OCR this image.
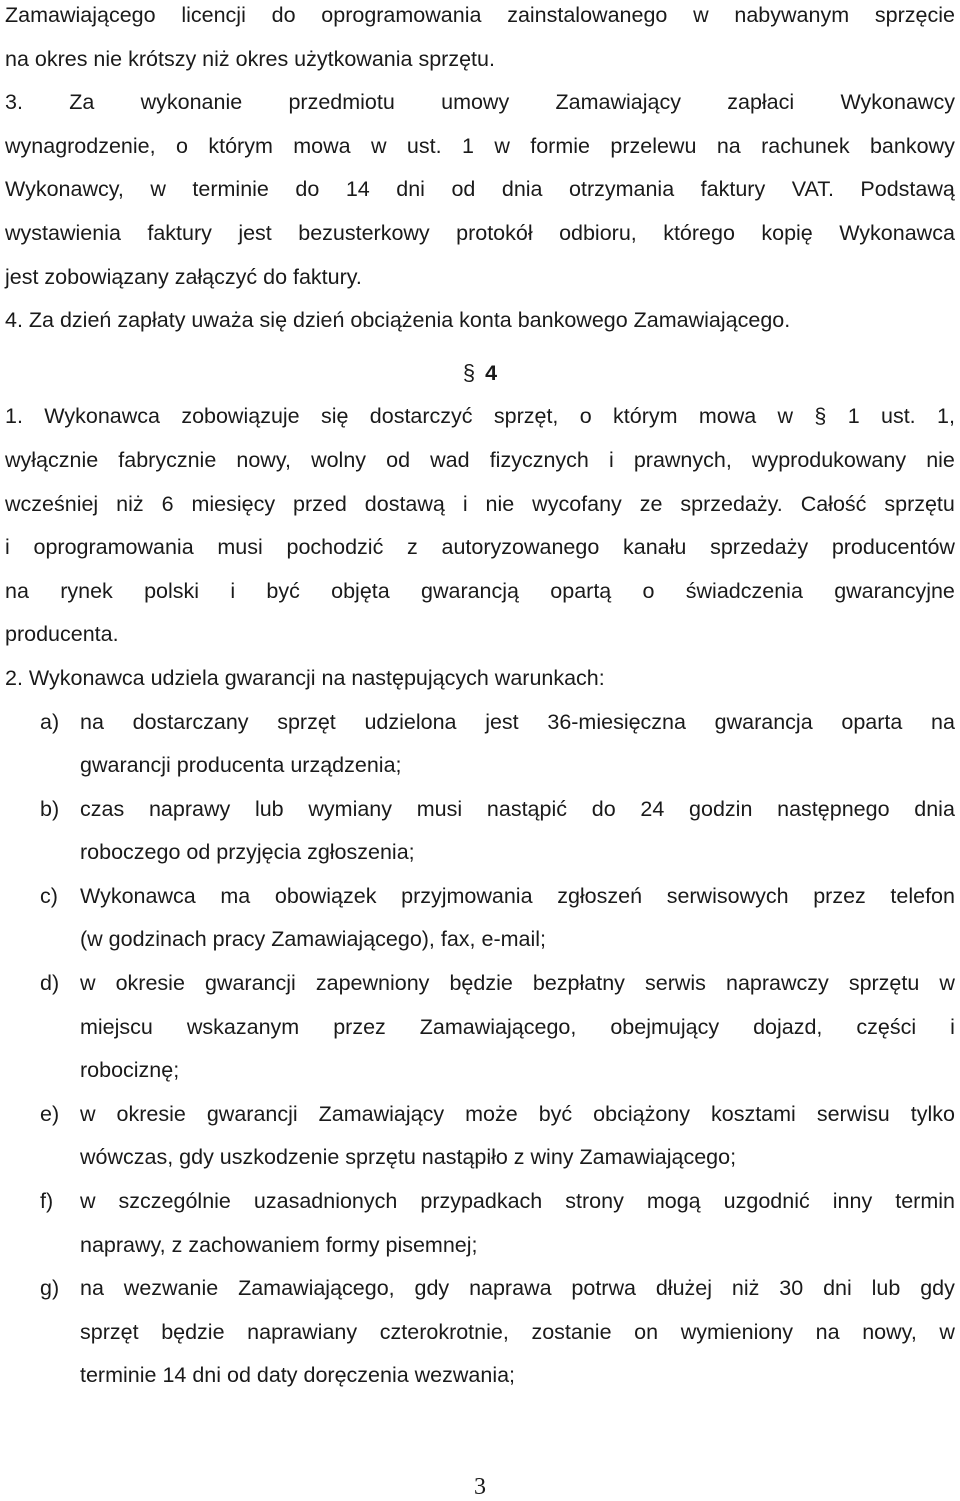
Zamawiającego licencji do oprogramowania zainstalowanego w nabywanym sprzęcie
na okres nie krótszy niż okres użytkowania sprzętu.

3. Za wykonanie przedmiotu umowy Zamawiający zapłaci Wykonawcy
wynagrodzenie, o którym mowa w ust. 1 w formie przelewu na rachunek bankowy
Wykonawcy, w terminie do 14 dni od dnia otrzymania faktury VAT. Podstawą
wystawienia faktury jest bezusterkowy protokół odbioru, którego kopię Wykonawca
jest zobowiązany załączyć do faktury.

4. Za dzień zapłaty uważa się dzień obciążenia konta bankowego Zamawiającego.

§ 4

1. Wykonawca zobowiązuje się dostarczyć sprzęt, o którym mowa w § 1 ust. 1,
wyłącznie fabrycznie nowy, wolny od wad fizycznych i prawnych, wyprodukowany nie
wcześniej niż 6 miesięcy przed dostawą i nie wycofany ze sprzedaży. Całość sprzętu
i oprogramowania musi pochodzić z autoryzowanego kanału sprzedaży producentów
na rynek polski i być objęta gwarancją opartą o świadczenia gwarancyjne
producenta.

2. Wykonawca udziela gwarancji na następujących warunkach:

a) na dostarczany sprzęt udzielona jest 36-miesięczna gwarancja oparta na
gwarancji producenta urządzenia;
b) czas naprawy lub wymiany musi nastąpić do 24 godzin następnego dnia
roboczego od przyjęcia zgłoszenia;
c)	Wykonawca ma obowiązek przyjmowania zgłoszeń serwisowych przez telefon
(w godzinach pracy Zamawiającego), fax, e-mail;
d) w okresie gwarancji zapewniony będzie bezpłatny serwis naprawczy sprzętu w
miejscu wskazanym przez Zamawiającego, obejmujący dojazd, części i
robociznę;
e) w okresie gwarancji Zamawiający może być obciążony kosztami serwisu tylko
wówczas, gdy uszkodzenie sprzętu nastąpiło z winy Zamawiającego;
f)	w szczególnie uzasadnionych przypadkach strony mogą uzgodnić inny termin
naprawy, z zachowaniem formy pisemnej;
g) na wezwanie Zamawiającego, gdy naprawa potrwa dłużej niż 30 dni lub gdy
sprzęt będzie naprawiany czterokrotnie, zostanie on wymieniony na nowy, w
terminie 14 dni od daty doręczenia wezwania;
3
